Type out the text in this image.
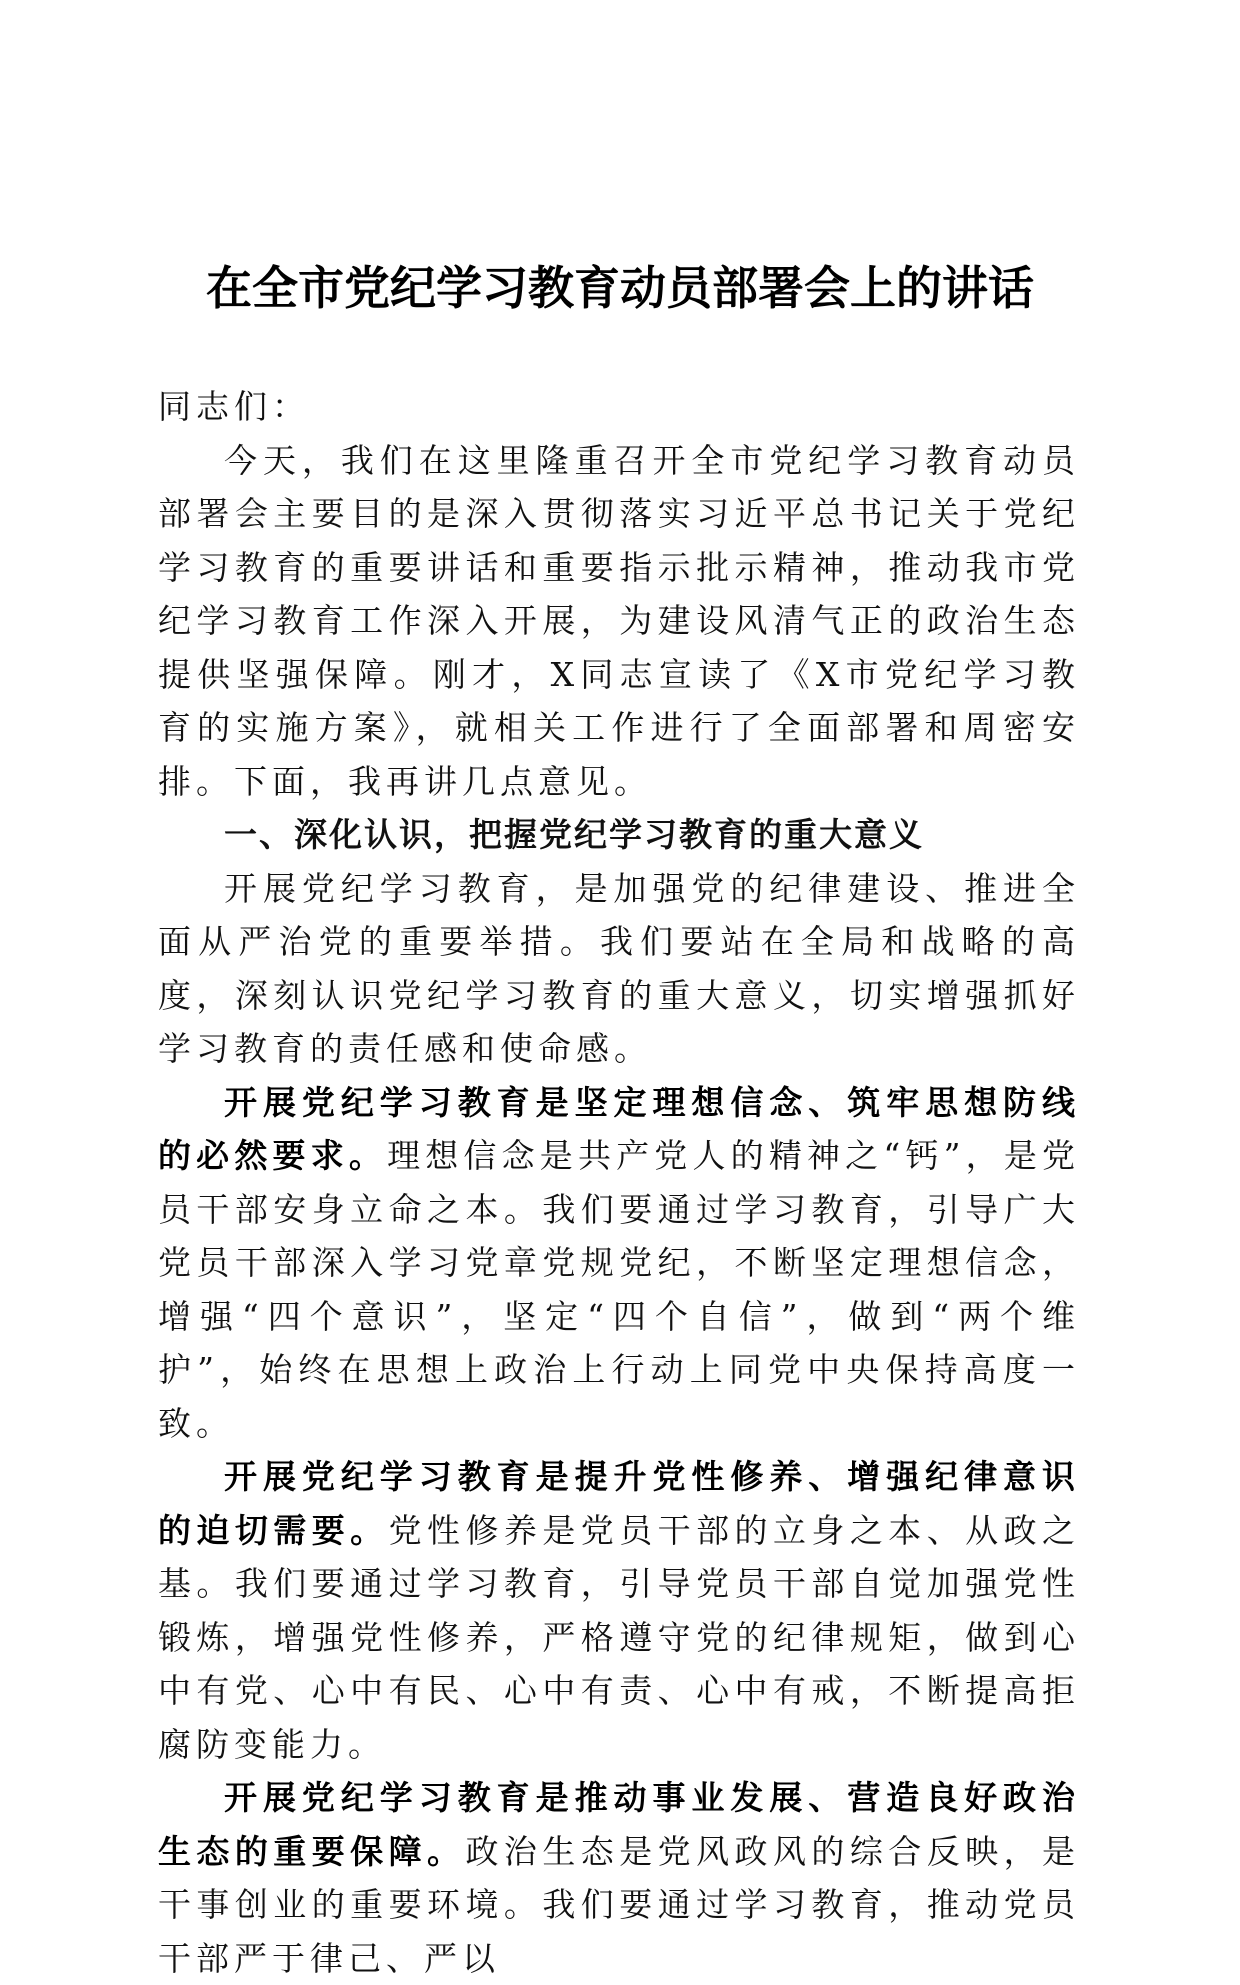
在全市党纪学习教育动员部署会上的讲话

同志们：

今天，我们在这里隆重召开全市党纪学习教育动员部署会主要目的是深入贯彻落实习近平总书记关于党纪学习教育的重要讲话和重要指示批示精神，推动我市党纪学习教育工作深入开展，为建设风清气正的政治生态提供坚强保障。刚才，X同志宣读了《X市党纪学习教育的实施方案》，就相关工作进行了全面部署和周密安排。下面，我再讲几点意见。

一、深化认识，把握党纪学习教育的重大意义

开展党纪学习教育，是加强党的纪律建设、推进全面从严治党的重要举措。我们要站在全局和战略的高度，深刻认识党纪学习教育的重大意义，切实增强抓好学习教育的责任感和使命感。

开展党纪学习教育是坚定理想信念、筑牢思想防线的必然要求。理想信念是共产党人的精神之“钙”，是党员干部安身立命之本。我们要通过学习教育，引导广大党员干部深入学习党章党规党纪，不断坚定理想信念，增强“四个意识”，坚定“四个自信”，做到“两个维护”，始终在思想上政治上行动上同党中央保持高度一致。

开展党纪学习教育是提升党性修养、增强纪律意识的迫切需要。党性修养是党员干部的立身之本、从政之基。我们要通过学习教育，引导党员干部自觉加强党性锻炼，增强党性修养，严格遵守党的纪律规矩，做到心中有党、心中有民、心中有责、心中有戒，不断提高拒腐防变能力。

开展党纪学习教育是推动事业发展、营造良好政治生态的重要保障。政治生态是党风政风的综合反映，是干事创业的重要环境。我们要通过学习教育，推动党员干部严于律己、严以
